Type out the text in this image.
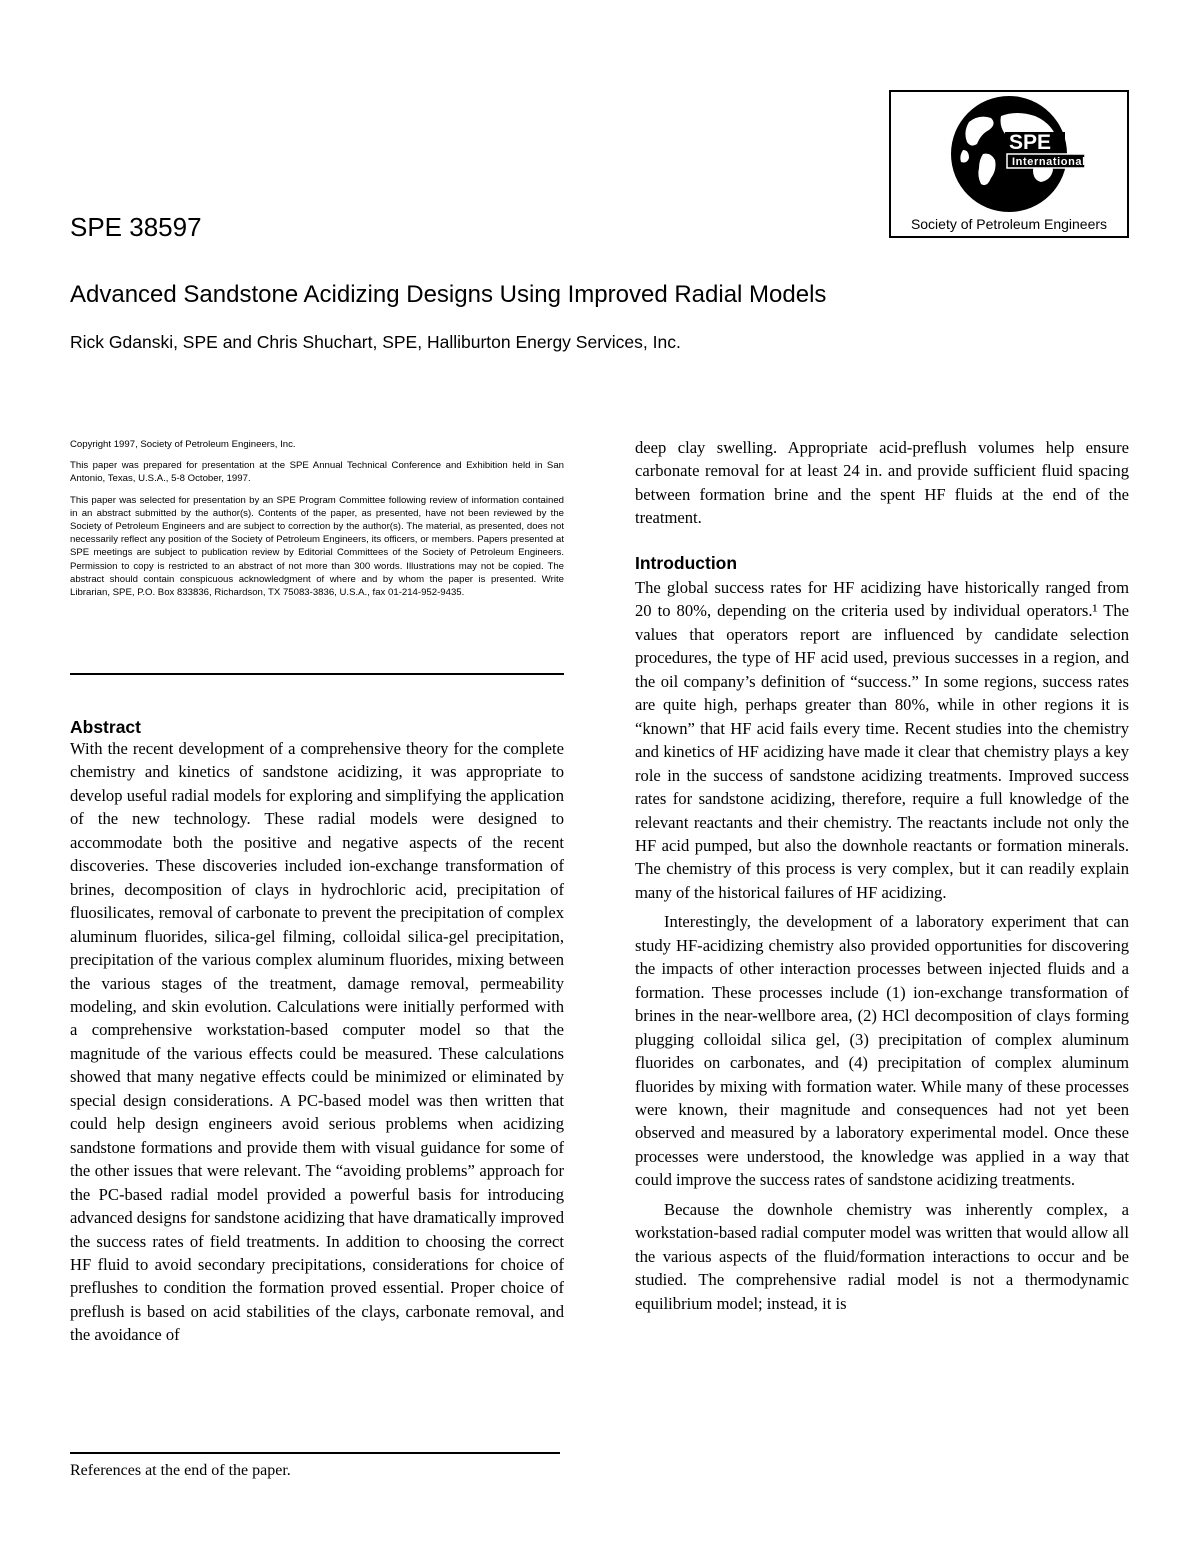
SPE 38597
Advanced Sandstone Acidizing Designs Using Improved Radial Models
Rick Gdanski, SPE and Chris Shuchart, SPE, Halliburton Energy Services, Inc.
SPE
International
Society of Petroleum Engineers

Copyright 1997, Society of Petroleum Engineers, Inc.

This paper was prepared for presentation at the SPE Annual Technical Conference and Exhibition held in San Antonio, Texas, U.S.A., 5-8 October, 1997.

This paper was selected for presentation by an SPE Program Committee following review of information contained in an abstract submitted by the author(s). Contents of the paper, as presented, have not been reviewed by the Society of Petroleum Engineers and are subject to correction by the author(s). The material, as presented, does not necessarily reflect any position of the Society of Petroleum Engineers, its officers, or members. Papers presented at SPE meetings are subject to publication review by Editorial Committees of the Society of Petroleum Engineers. Permission to copy is restricted to an abstract of not more than 300 words. Illustrations may not be copied. The abstract should contain conspicuous acknowledgment of where and by whom the paper is presented. Write Librarian, SPE, P.O. Box 833836, Richardson, TX 75083-3836, U.S.A., fax 01-214-952-9435.

Abstract

With the recent development of a comprehensive theory for the complete chemistry and kinetics of sandstone acidizing, it was appropriate to develop useful radial models for exploring and simplifying the application of the new technology. These radial models were designed to accommodate both the positive and negative aspects of the recent discoveries. These discoveries included ion-exchange transformation of brines, decomposition of clays in hydrochloric acid, precipitation of fluosilicates, removal of carbonate to prevent the precipitation of complex aluminum fluorides, silica-gel filming, colloidal silica-gel precipitation, precipitation of the various complex aluminum fluorides, mixing between the various stages of the treatment, damage removal, permeability modeling, and skin evolution. Calculations were initially performed with a comprehensive workstation-based computer model so that the magnitude of the various effects could be measured. These calculations showed that many negative effects could be minimized or eliminated by special design considerations. A PC-based model was then written that could help design engineers avoid serious problems when acidizing sandstone formations and provide them with visual guidance for some of the other issues that were relevant. The “avoiding problems” approach for the PC-based radial model provided a powerful basis for introducing advanced designs for sandstone acidizing that have dramatically improved the success rates of field treatments. In addition to choosing the correct HF fluid to avoid secondary precipitations, considerations for choice of preflushes to condition the formation proved essential. Proper choice of preflush is based on acid stabilities of the clays, carbonate removal, and the avoidance of

deep clay swelling. Appropriate acid-preflush volumes help ensure carbonate removal for at least 24 in. and provide sufficient fluid spacing between formation brine and the spent HF fluids at the end of the treatment.

Introduction

The global success rates for HF acidizing have historically ranged from 20 to 80%, depending on the criteria used by individual operators.¹ The values that operators report are influenced by candidate selection procedures, the type of HF acid used, previous successes in a region, and the oil company’s definition of “success.” In some regions, success rates are quite high, perhaps greater than 80%, while in other regions it is “known” that HF acid fails every time. Recent studies into the chemistry and kinetics of HF acidizing have made it clear that chemistry plays a key role in the success of sandstone acidizing treatments. Improved success rates for sandstone acidizing, therefore, require a full knowledge of the relevant reactants and their chemistry. The reactants include not only the HF acid pumped, but also the downhole reactants or formation minerals. The chemistry of this process is very complex, but it can readily explain many of the historical failures of HF acidizing.

Interestingly, the development of a laboratory experiment that can study HF-acidizing chemistry also provided opportunities for discovering the impacts of other interaction processes between injected fluids and a formation. These processes include (1) ion-exchange transformation of brines in the near-wellbore area, (2) HCl decomposition of clays forming plugging colloidal silica gel, (3) precipitation of complex aluminum fluorides on carbonates, and (4) precipitation of complex aluminum fluorides by mixing with formation water. While many of these processes were known, their magnitude and consequences had not yet been observed and measured by a laboratory experimental model. Once these processes were understood, the knowledge was applied in a way that could improve the success rates of sandstone acidizing treatments.

Because the downhole chemistry was inherently complex, a workstation-based radial computer model was written that would allow all the various aspects of the fluid/formation interactions to occur and be studied. The comprehensive radial model is not a thermodynamic equilibrium model; instead, it is

References at the end of the paper.
